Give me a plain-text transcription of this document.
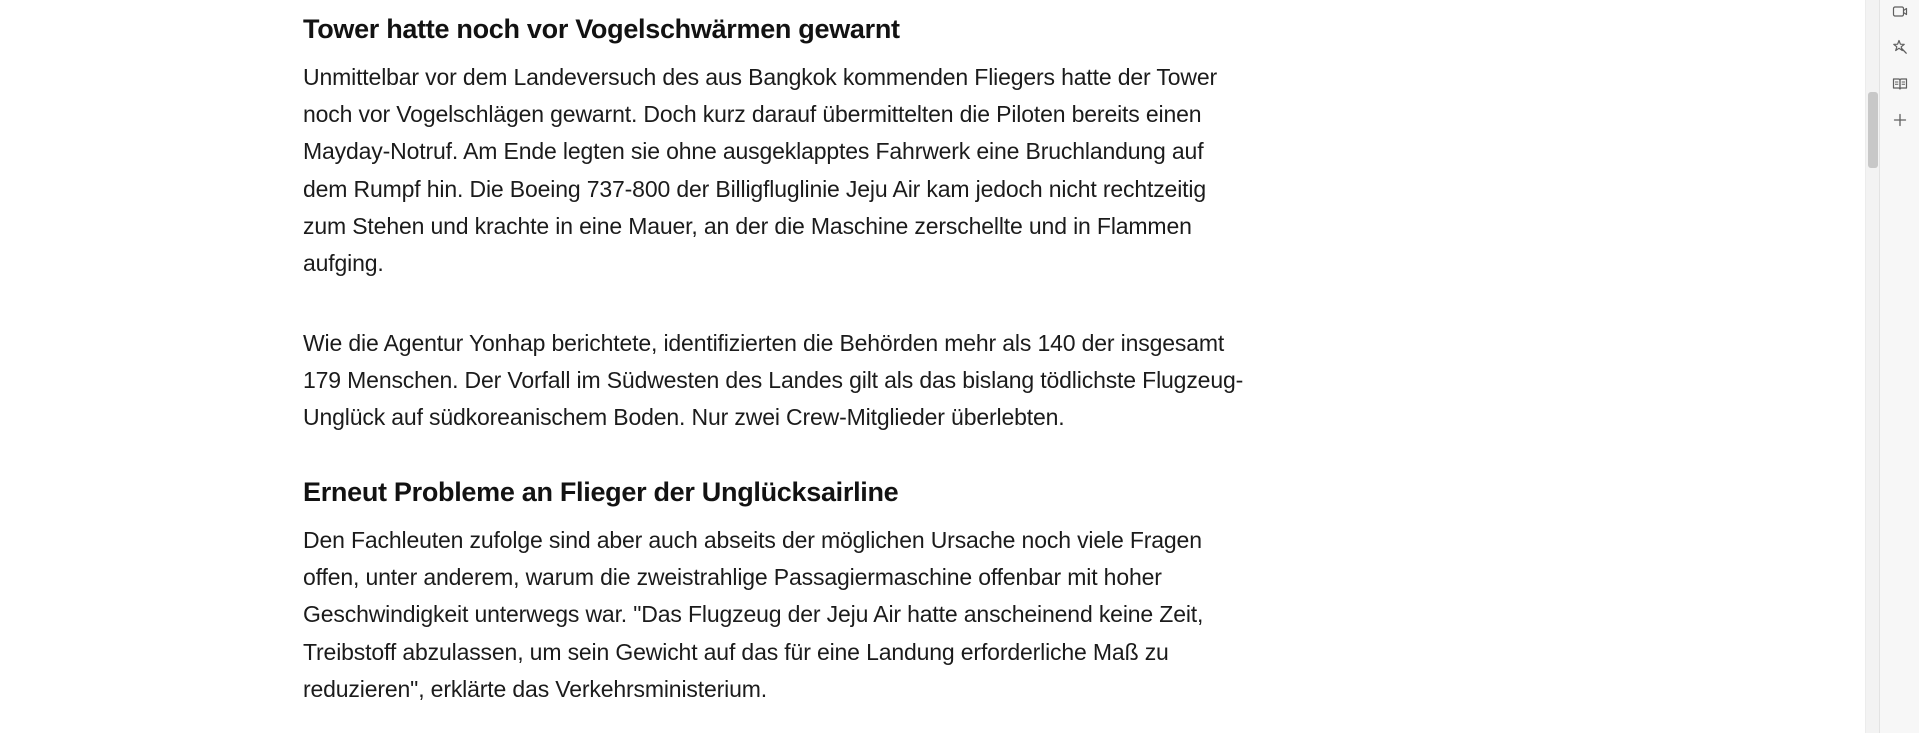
Tower hatte noch vor Vogelschwärmen gewarnt

Unmittelbar vor dem Landeversuch des aus Bangkok kommenden Fliegers hatte der Tower
noch vor Vogelschlägen gewarnt. Doch kurz darauf übermittelten die Piloten bereits einen
Mayday-Notruf. Am Ende legten sie ohne ausgeklapptes Fahrwerk eine Bruchlandung auf
dem Rumpf hin. Die Boeing 737-800 der Billigfluglinie Jeju Air kam jedoch nicht rechtzeitig
zum Stehen und krachte in eine Mauer, an der die Maschine zerschellte und in Flammen
aufging.

Wie die Agentur Yonhap berichtete, identifizierten die Behörden mehr als 140 der insgesamt
179 Menschen. Der Vorfall im Südwesten des Landes gilt als das bislang tödlichste Flugzeug-
Unglück auf südkoreanischem Boden. Nur zwei Crew-Mitglieder überlebten.

Erneut Probleme an Flieger der Unglücksairline

Den Fachleuten zufolge sind aber auch abseits der möglichen Ursache noch viele Fragen
offen, unter anderem, warum die zweistrahlige Passagiermaschine offenbar mit hoher
Geschwindigkeit unterwegs war. "Das Flugzeug der Jeju Air hatte anscheinend keine Zeit,
Treibstoff abzulassen, um sein Gewicht auf das für eine Landung erforderliche Maß zu
reduzieren", erklärte das Verkehrsministerium.
